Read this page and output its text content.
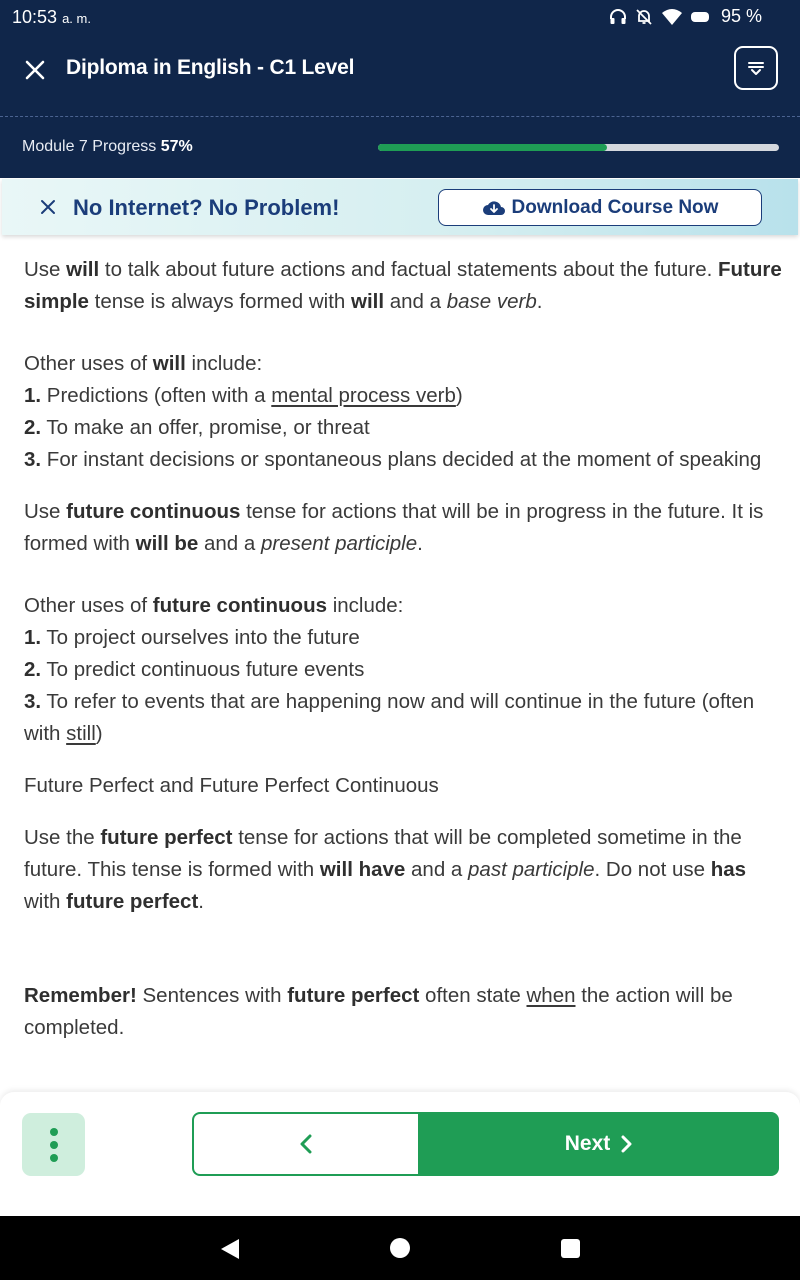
10:53 a. m.	95 %
Diploma in English - C1 Level
Module 7 Progress 57%
No Internet? No Problem!	Download Course Now

Use will to talk about future actions and factual statements about the future. Future simple tense is always formed with will and a base verb.

Other uses of will include:

1. Predictions (often with a mental process verb)

2. To make an offer, promise, or threat

3. For instant decisions or spontaneous plans decided at the moment of speaking

Use future continuous tense for actions that will be in progress in the future. It is formed with will be and a present participle.

Other uses of future continuous include:

1. To project ourselves into the future

2. To predict continuous future events

3. To refer to events that are happening now and will continue in the future (often with still)

Future Perfect and Future Perfect Continuous

Use the future perfect tense for actions that will be completed sometime in the future. This tense is formed with will have and a past participle. Do not use has with future perfect.

Remember! Sentences with future perfect often state when the action will be completed.

Next
